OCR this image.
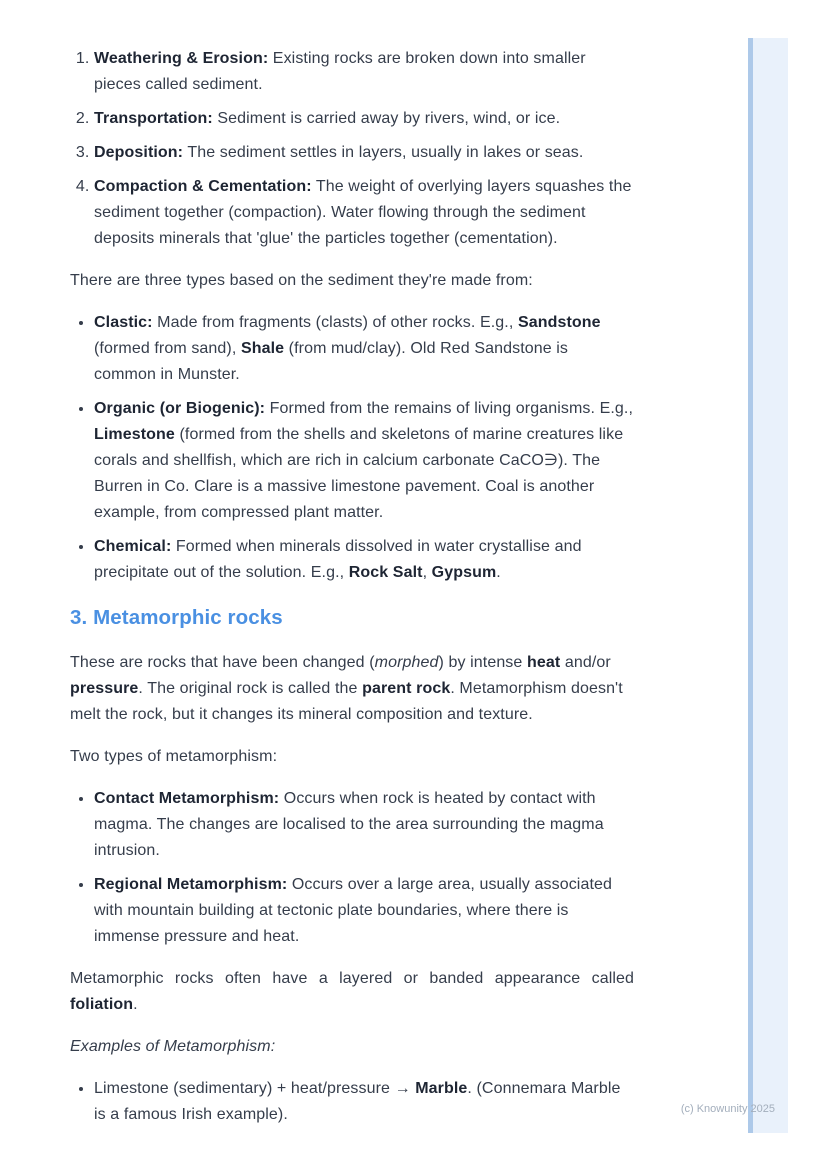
1. Weathering & Erosion: Existing rocks are broken down into smaller pieces called sediment.
2. Transportation: Sediment is carried away by rivers, wind, or ice.
3. Deposition: The sediment settles in layers, usually in lakes or seas.
4. Compaction & Cementation: The weight of overlying layers squashes the sediment together (compaction). Water flowing through the sediment deposits minerals that 'glue' the particles together (cementation).

There are three types based on the sediment they're made from:

• Clastic: Made from fragments (clasts) of other rocks. E.g., Sandstone (formed from sand), Shale (from mud/clay). Old Red Sandstone is common in Munster.
• Organic (or Biogenic): Formed from the remains of living organisms. E.g., Limestone (formed from the shells and skeletons of marine creatures like corals and shellfish, which are rich in calcium carbonate CaCO∋). The Burren in Co. Clare is a massive limestone pavement. Coal is another example, from compressed plant matter.
• Chemical: Formed when minerals dissolved in water crystallise and precipitate out of the solution. E.g., Rock Salt, Gypsum.
3. Metamorphic rocks

These are rocks that have been changed (morphed) by intense heat and/or pressure. The original rock is called the parent rock. Metamorphism doesn't melt the rock, but it changes its mineral composition and texture.

Two types of metamorphism:

• Contact Metamorphism: Occurs when rock is heated by contact with magma. The changes are localised to the area surrounding the magma intrusion.
• Regional Metamorphism: Occurs over a large area, usually associated with mountain building at tectonic plate boundaries, where there is immense pressure and heat.

Metamorphic rocks often have a layered or banded appearance called foliation.

Examples of Metamorphism:

• Limestone (sedimentary) + heat/pressure → Marble. (Connemara Marble is a famous Irish example).	(c) Knowunity 2025
